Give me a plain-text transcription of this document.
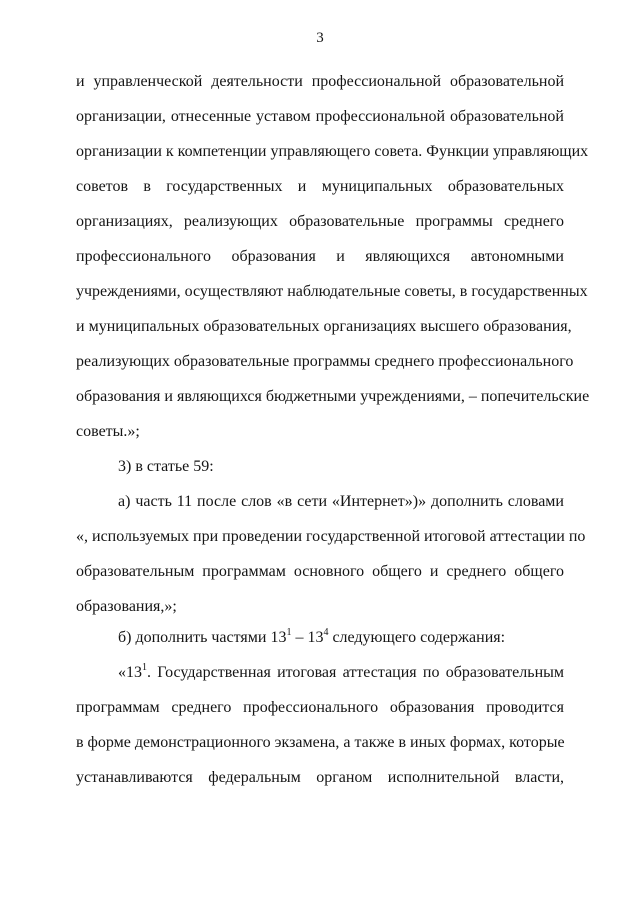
3
и управленческой деятельности профессиональной образовательной
организации, отнесенные уставом профессиональной образовательной
организации к компетенции управляющего совета. Функции управляющих
советов в государственных и муниципальных образовательных
организациях, реализующих образовательные программы среднего
профессионального образования и являющихся автономными
учреждениями, осуществляют наблюдательные советы, в государственных
и муниципальных образовательных организациях высшего образования,
реализующих образовательные программы среднего профессионального
образования и являющихся бюджетными учреждениями, – попечительские
советы.»;
3) в статье 59:
а) часть 11 после слов «в сети «Интернет»)» дополнить словами
«, используемых при проведении государственной итоговой аттестации по
образовательным программам основного общего и среднего общего
образования,»;
б) дополнить частями $13^1 - 13^4$ следующего содержания:
«$13^1$. Государственная итоговая аттестация по образовательным
программам среднего профессионального образования проводится
в форме демонстрационного экзамена, а также в иных формах, которые
устанавливаются федеральным органом исполнительной власти,
